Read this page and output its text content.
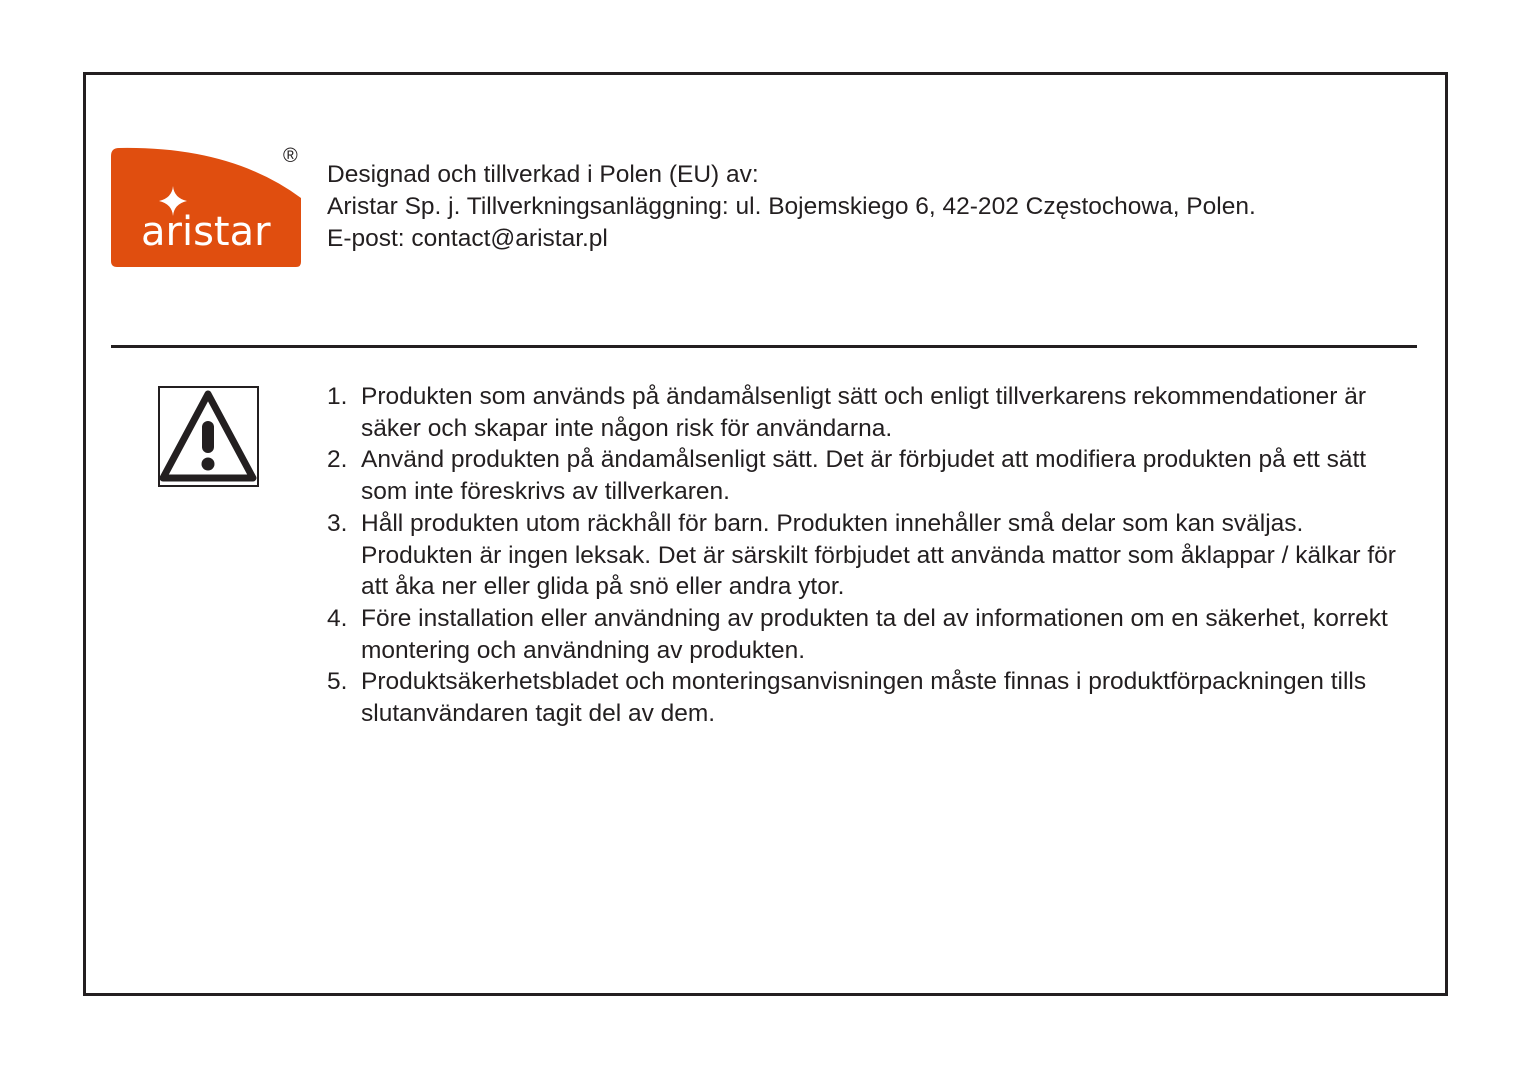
aristar
®
Designad och tillverkad i Polen (EU) av:
Aristar Sp. j. Tillverkningsanläggning: ul. Bojemskiego 6, 42-202 Częstochowa, Polen.
E-post: contact@aristar.pl
1. Produkten som används på ändamålsenligt sätt och enligt tillverkarens rekommendationer är säker och skapar inte någon risk för användarna.
2. Använd produkten på ändamålsenligt sätt. Det är förbjudet att modifiera produkten på ett sätt som inte föreskrivs av tillverkaren.
3. Håll produkten utom räckhåll för barn. Produkten innehåller små delar som kan sväljas. Produkten är ingen leksak. Det är särskilt förbjudet att använda mattor som åklappar / kälkar för att åka ner eller glida på snö eller andra ytor.
4. Före installation eller användning av produkten ta del av informationen om en säkerhet, korrekt montering och användning av produkten.
5. Produktsäkerhetsbladet och monteringsanvisningen måste finnas i produktförpackningen tills slutanvändaren tagit del av dem.
